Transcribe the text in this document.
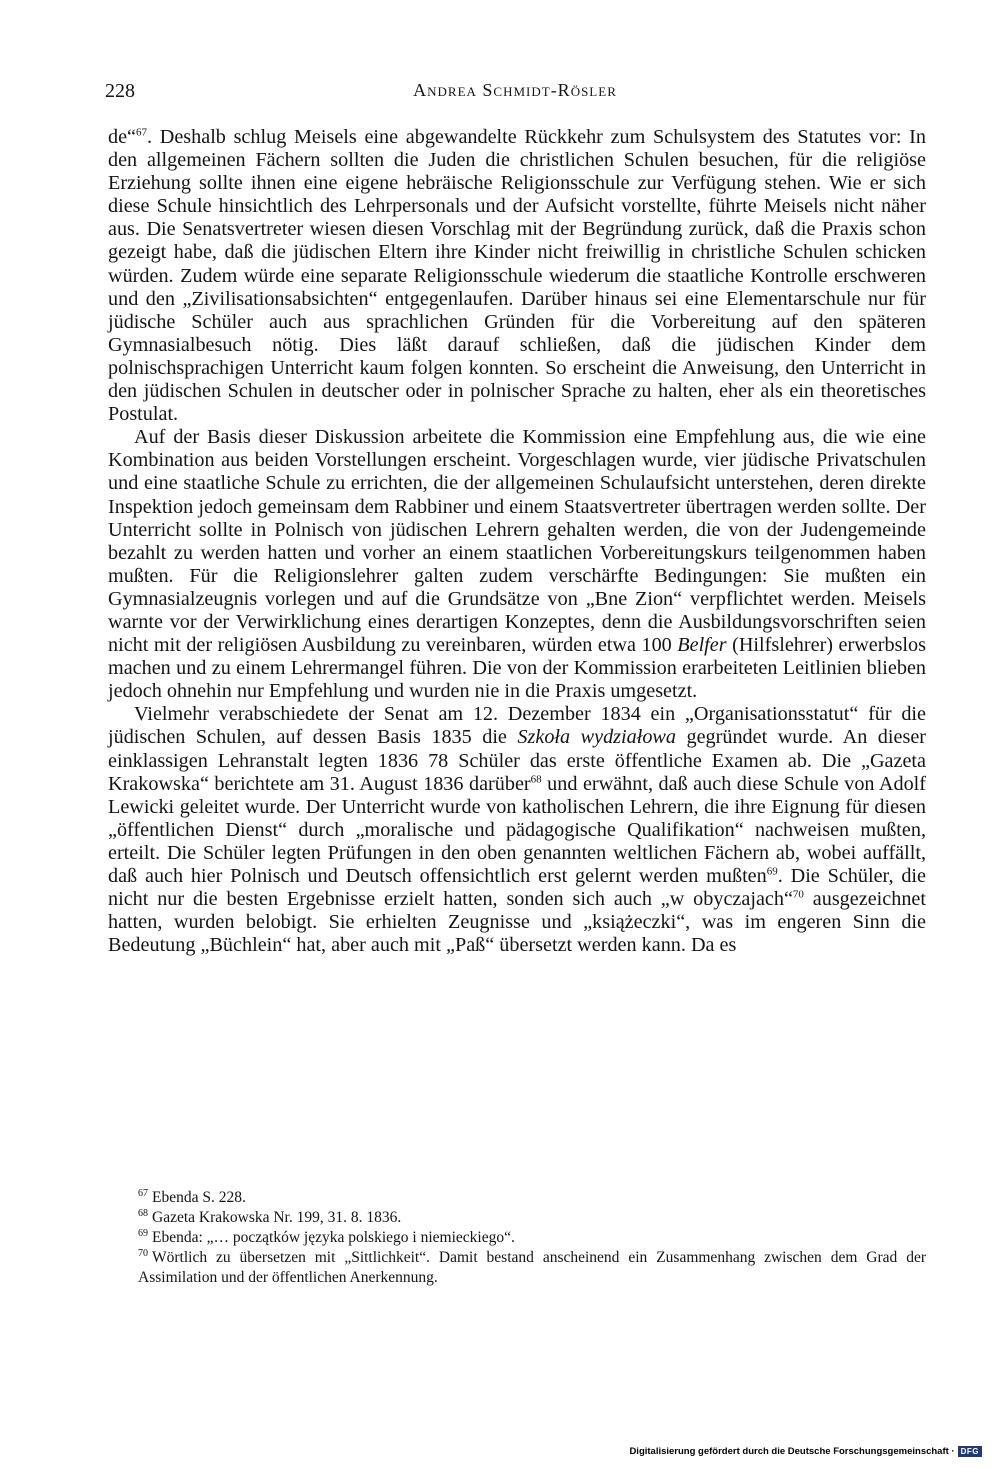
228	Andrea Schmidt-Rösler

de“$^{67}$. Deshalb schlug Meisels eine abgewandelte Rückkehr zum Schulsystem des Statutes vor: In den allgemeinen Fächern sollten die Juden die christlichen Schulen besuchen, für die religiöse Erziehung sollte ihnen eine eigene hebräische Religionsschule zur Verfügung stehen. Wie er sich diese Schule hinsichtlich des Lehrpersonals und der Aufsicht vorstellte, führte Meisels nicht näher aus. Die Senatsvertreter wiesen diesen Vorschlag mit der Begründung zurück, daß die Praxis schon gezeigt habe, daß die jüdischen Eltern ihre Kinder nicht freiwillig in christliche Schulen schicken würden. Zudem würde eine separate Religionsschule wiederum die staatliche Kontrolle erschweren und den „Zivilisationsabsichten“ entgegenlaufen. Darüber hinaus sei eine Elementarschule nur für jüdische Schüler auch aus sprachlichen Gründen für die Vorbereitung auf den späteren Gymnasialbesuch nötig. Dies läßt darauf schließen, daß die jüdischen Kinder dem polnischsprachigen Unterricht kaum folgen konnten. So erscheint die Anweisung, den Unterricht in den jüdischen Schulen in deutscher oder in polnischer Sprache zu halten, eher als ein theoretisches Postulat.

Auf der Basis dieser Diskussion arbeitete die Kommission eine Empfehlung aus, die wie eine Kombination aus beiden Vorstellungen erscheint. Vorgeschlagen wurde, vier jüdische Privatschulen und eine staatliche Schule zu errichten, die der allgemeinen Schulaufsicht unterstehen, deren direkte Inspektion jedoch gemeinsam dem Rabbiner und einem Staatsvertreter übertragen werden sollte. Der Unterricht sollte in Polnisch von jüdischen Lehrern gehalten werden, die von der Judengemeinde bezahlt zu werden hatten und vorher an einem staatlichen Vorbereitungskurs teilgenommen haben mußten. Für die Religionslehrer galten zudem verschärfte Bedingungen: Sie mußten ein Gymnasialzeugnis vorlegen und auf die Grundsätze von „Bne Zion“ verpflichtet werden. Meisels warnte vor der Verwirklichung eines derartigen Konzeptes, denn die Ausbildungsvorschriften seien nicht mit der religiösen Ausbildung zu vereinbaren, würden etwa 100 Belfer (Hilfslehrer) erwerbslos machen und zu einem Lehrermangel führen. Die von der Kommission erarbeiteten Leitlinien blieben jedoch ohnehin nur Empfehlung und wurden nie in die Praxis umgesetzt.

Vielmehr verabschiedete der Senat am 12. Dezember 1834 ein „Organisationsstatut“ für die jüdischen Schulen, auf dessen Basis 1835 die Szkoła wydziałowa gegründet wurde. An dieser einklassigen Lehranstalt legten 1836 78 Schüler das erste öffentliche Examen ab. Die „Gazeta Krakowska“ berichtete am 31. August 1836 darüber$^{68}$ und erwähnt, daß auch diese Schule von Adolf Lewicki geleitet wurde. Der Unterricht wurde von katholischen Lehrern, die ihre Eignung für diesen „öffentlichen Dienst“ durch „moralische und pädagogische Qualifikation“ nachweisen mußten, erteilt. Die Schüler legten Prüfungen in den oben genannten weltlichen Fächern ab, wobei auffällt, daß auch hier Polnisch und Deutsch offensichtlich erst gelernt werden mußten$^{69}$. Die Schüler, die nicht nur die besten Ergebnisse erzielt hatten, sonden sich auch „w obyczajach“$^{70}$ ausgezeichnet hatten, wurden belobigt. Sie erhielten Zeugnisse und „książeczki“, was im engeren Sinn die Bedeutung „Büchlein“ hat, aber auch mit „Paß“ übersetzt werden kann. Da es

$^{67}$ Ebenda S. 228.

$^{68}$ Gazeta Krakowska Nr. 199, 31. 8. 1836.

$^{69}$ Ebenda: „… początków języka polskiego i niemieckiego“.

$^{70}$ Wörtlich zu übersetzen mit „Sittlichkeit“. Damit bestand anscheinend ein Zusammenhang zwischen dem Grad der Assimilation und der öffentlichen Anerkennung.

Digitalisierung gefördert durch die Deutsche Forschungsgemeinschaft · DFG
